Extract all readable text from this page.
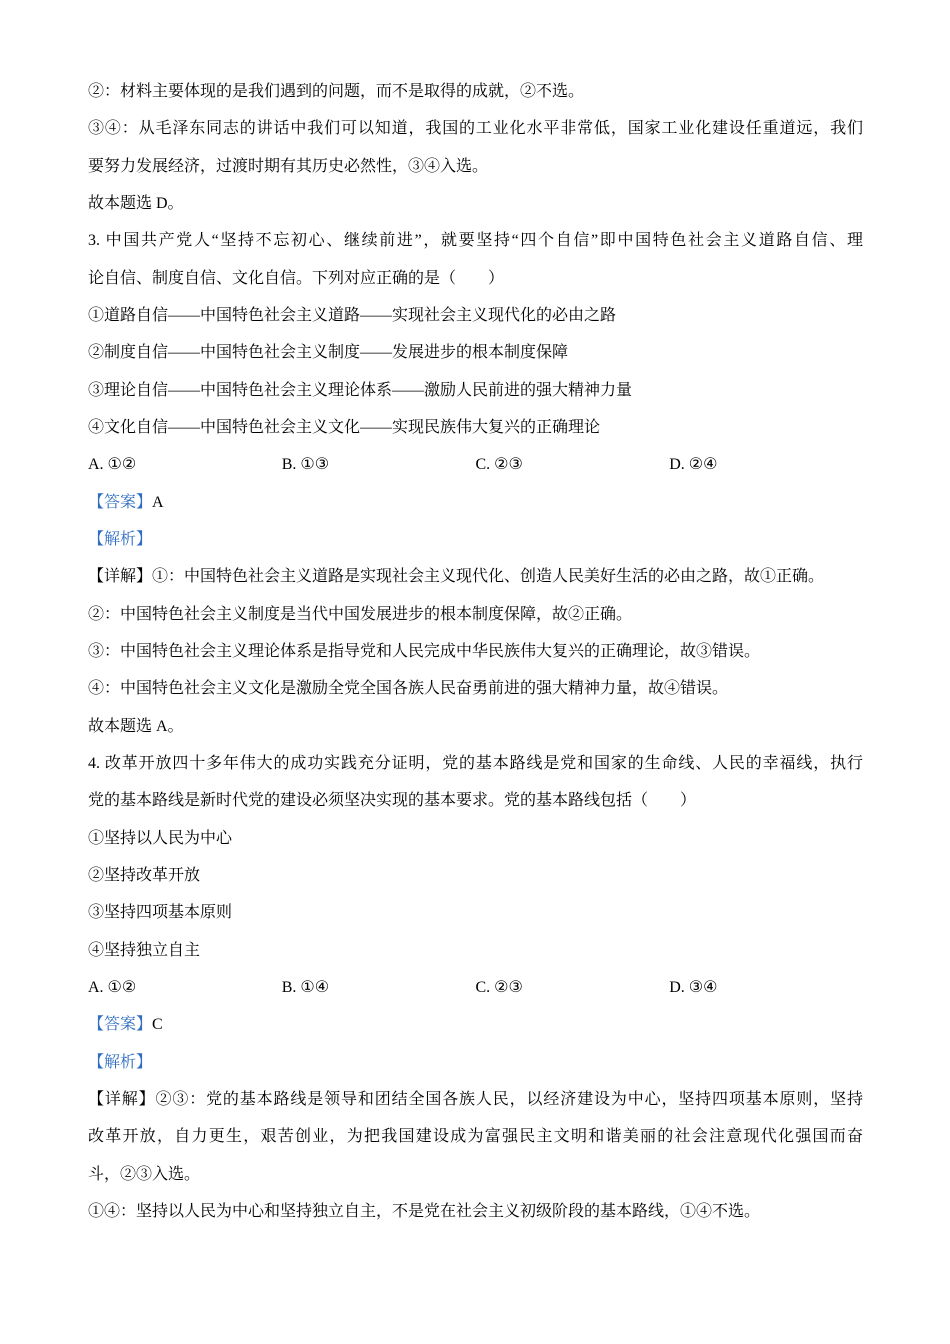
②：材料主要体现的是我们遇到的问题，而不是取得的成就，②不选。
③④：从毛泽东同志的讲话中我们可以知道，我国的工业化水平非常低，国家工业化建设任重道远，我们
要努力发展经济，过渡时期有其历史必然性，③④入选。
故本题选 D。
3. 中国共产党人“坚持不忘初心、继续前进”，就要坚持“四个自信”即中国特色社会主义道路自信、理
论自信、制度自信、文化自信。下列对应正确的是（　　）
①道路自信——中国特色社会主义道路——实现社会主义现代化的必由之路
②制度自信——中国特色社会主义制度——发展进步的根本制度保障
③理论自信——中国特色社会主义理论体系——激励人民前进的强大精神力量
④文化自信——中国特色社会主义文化——实现民族伟大复兴的正确理论
A. ①②	B. ①③	C. ②③	D. ②④
【答案】A
【解析】
【详解】①：中国特色社会主义道路是实现社会主义现代化、创造人民美好生活的必由之路，故①正确。
②：中国特色社会主义制度是当代中国发展进步的根本制度保障，故②正确。
③：中国特色社会主义理论体系是指导党和人民完成中华民族伟大复兴的正确理论，故③错误。
④：中国特色社会主义文化是激励全党全国各族人民奋勇前进的强大精神力量，故④错误。
故本题选 A。
4. 改革开放四十多年伟大的成功实践充分证明，党的基本路线是党和国家的生命线、人民的幸福线，执行
党的基本路线是新时代党的建设必须坚决实现的基本要求。党的基本路线包括（　　）
①坚持以人民为中心
②坚持改革开放
③坚持四项基本原则
④坚持独立自主
A. ①②	B. ①④	C. ②③	D. ③④
【答案】C
【解析】
【详解】②③：党的基本路线是领导和团结全国各族人民，以经济建设为中心，坚持四项基本原则，坚持
改革开放，自力更生，艰苦创业，为把我国建设成为富强民主文明和谐美丽的社会注意现代化强国而奋
斗，②③入选。
①④：坚持以人民为中心和坚持独立自主，不是党在社会主义初级阶段的基本路线，①④不选。
